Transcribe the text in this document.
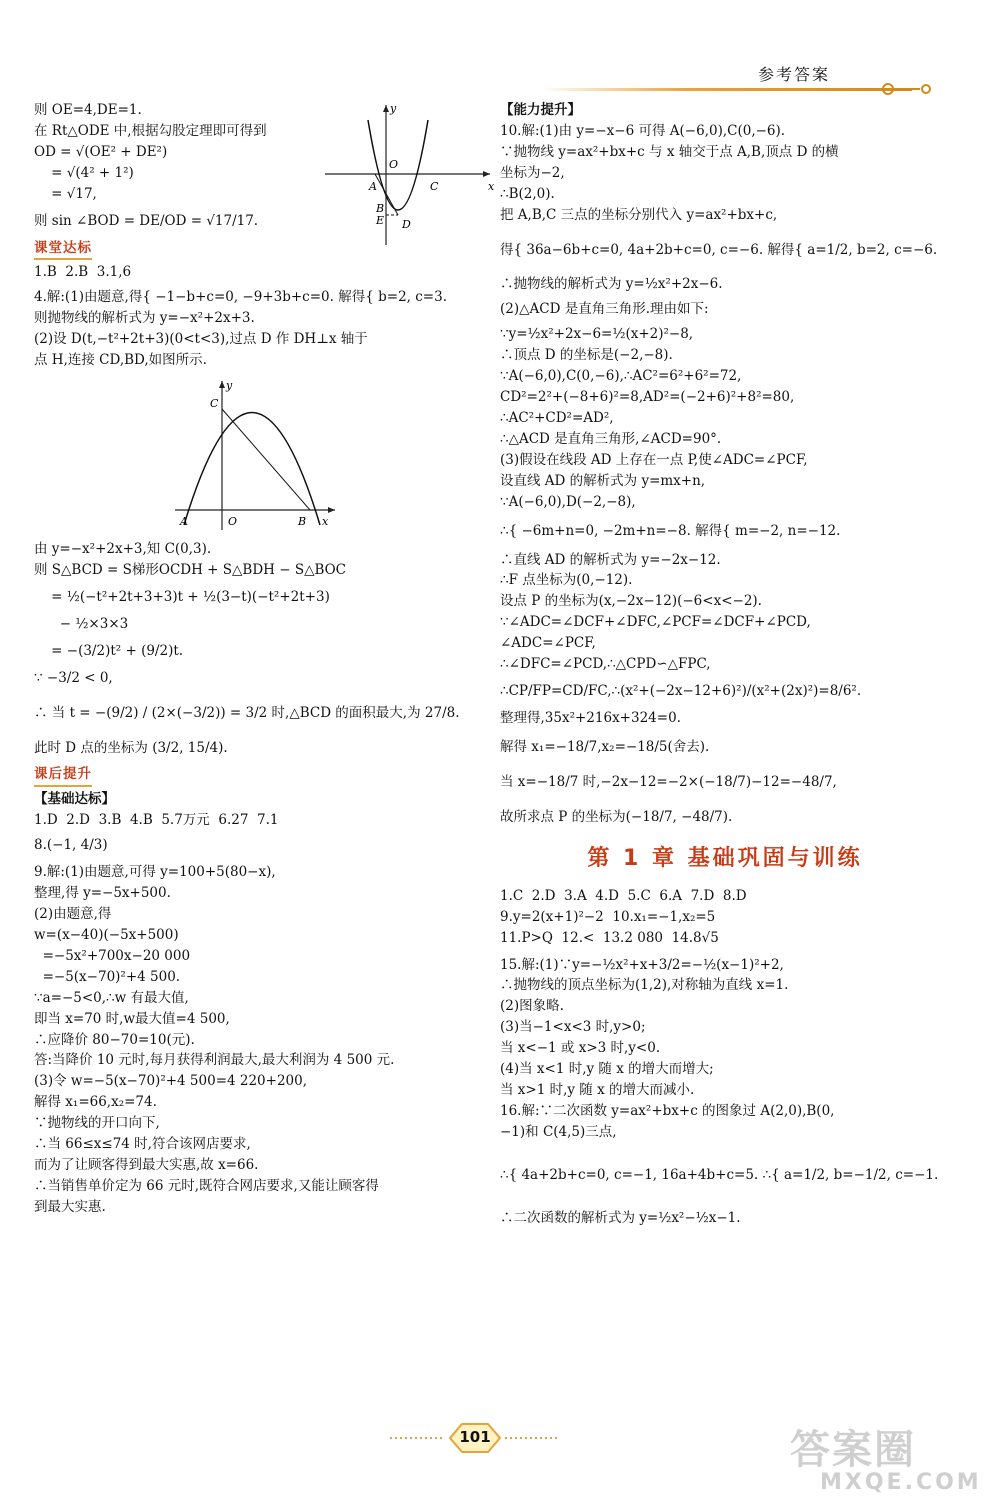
参考答案
则 OE=4,DE=1.
在 Rt△ODE 中,根据勾股定理即可得到
OD = √(OE² + DE²)
= √(4² + 1²)
= √17,
则 sin ∠BOD = DE/OD = √17/17.
y
x
O
A	C
B
E D
课堂达标
1.B  2.B  3.1,6
4.解:(1)由题意,得{ −1−b+c=0, −9+3b+c=0. 解得{ b=2, c=3.
则抛物线的解析式为 y=−x²+2x+3.
(2)设 D(t,−t²+2t+3)(0<t<3),过点 D 作 DH⊥x 轴于
点 H,连接 CD,BD,如图所示.
y
x
C
A	O	B
由 y=−x²+2x+3,知 C(0,3).
则 S△BCD = S梯形OCDH + S△BDH − S△BOC
= ½(−t²+2t+3+3)t + ½(3−t)(−t²+2t+3)
− ½×3×3
= −(3/2)t² + (9/2)t.
∵ −3/2 < 0,
∴ 当 t = −(9/2) / (2×(−3/2)) = 3/2 时,△BCD 的面积最大,为 27/8.
此时 D 点的坐标为 (3/2, 15/4).
课后提升
【基础达标】
1.D  2.D  3.B  4.B  5.7万元  6.27  7.1
8.(−1, 4/3)
9.解:(1)由题意,可得 y=100+5(80−x),
整理,得 y=−5x+500.
(2)由题意,得
w=(x−40)(−5x+500)
=−5x²+700x−20 000
=−5(x−70)²+4 500.
∵a=−5<0,∴w 有最大值,
即当 x=70 时,w最大值=4 500,
∴应降价 80−70=10(元).
答:当降价 10 元时,每月获得利润最大,最大利润为 4 500 元.
(3)令 w=−5(x−70)²+4 500=4 220+200,
解得 x₁=66,x₂=74.
∵抛物线的开口向下,
∴当 66≤x≤74 时,符合该网店要求,
而为了让顾客得到最大实惠,故 x=66.
∴当销售单价定为 66 元时,既符合网店要求,又能让顾客得
到最大实惠.
【能力提升】
10.解:(1)由 y=−x−6 可得 A(−6,0),C(0,−6).
∵抛物线 y=ax²+bx+c 与 x 轴交于点 A,B,顶点 D 的横
坐标为−2,
∴B(2,0).
把 A,B,C 三点的坐标分别代入 y=ax²+bx+c,
得{ 36a−6b+c=0, 4a+2b+c=0, c=−6. 解得{ a=1/2, b=2, c=−6.
∴抛物线的解析式为 y=½x²+2x−6.
(2)△ACD 是直角三角形.理由如下:
∵y=½x²+2x−6=½(x+2)²−8,
∴顶点 D 的坐标是(−2,−8).
∵A(−6,0),C(0,−6),∴AC²=6²+6²=72,
CD²=2²+(−8+6)²=8,AD²=(−2+6)²+8²=80,
∴AC²+CD²=AD²,
∴△ACD 是直角三角形,∠ACD=90°.
(3)假设在线段 AD 上存在一点 P,使∠ADC=∠PCF,
设直线 AD 的解析式为 y=mx+n,
∵A(−6,0),D(−2,−8),
∴{ −6m+n=0, −2m+n=−8. 解得{ m=−2, n=−12.
∴直线 AD 的解析式为 y=−2x−12.
∴F 点坐标为(0,−12).
设点 P 的坐标为(x,−2x−12)(−6<x<−2).
∵∠ADC=∠DCF+∠DFC,∠PCF=∠DCF+∠PCD,
∠ADC=∠PCF,
∴∠DFC=∠PCD,∴△CPD∽△FPC,
∴CP/FP=CD/FC,∴(x²+(−2x−12+6)²)/(x²+(2x)²)=8/6².
整理得,35x²+216x+324=0.
解得 x₁=−18/7,x₂=−18/5(舍去).
当 x=−18/7 时,−2x−12=−2×(−18/7)−12=−48/7,
故所求点 P 的坐标为(−18/7, −48/7).
第 1 章 基础巩固与训练
1.C  2.D  3.A  4.D  5.C  6.A  7.D  8.D
9.y=2(x+1)²−2  10.x₁=−1,x₂=5
11.P>Q  12.<  13.2 080  14.8√5
15.解:(1)∵y=−½x²+x+3/2=−½(x−1)²+2,
∴抛物线的顶点坐标为(1,2),对称轴为直线 x=1.
(2)图象略.
(3)当−1<x<3 时,y>0;
当 x<−1 或 x>3 时,y<0.
(4)当 x<1 时,y 随 x 的增大而增大;
当 x>1 时,y 随 x 的增大而减小.
16.解:∵二次函数 y=ax²+bx+c 的图象过 A(2,0),B(0,
−1)和 C(4,5)三点,
∴{ 4a+2b+c=0, c=−1, 16a+4b+c=5. ∴{ a=1/2, b=−1/2, c=−1.
∴二次函数的解析式为 y=½x²−½x−1.
101	答案圈
MXQE.COM
